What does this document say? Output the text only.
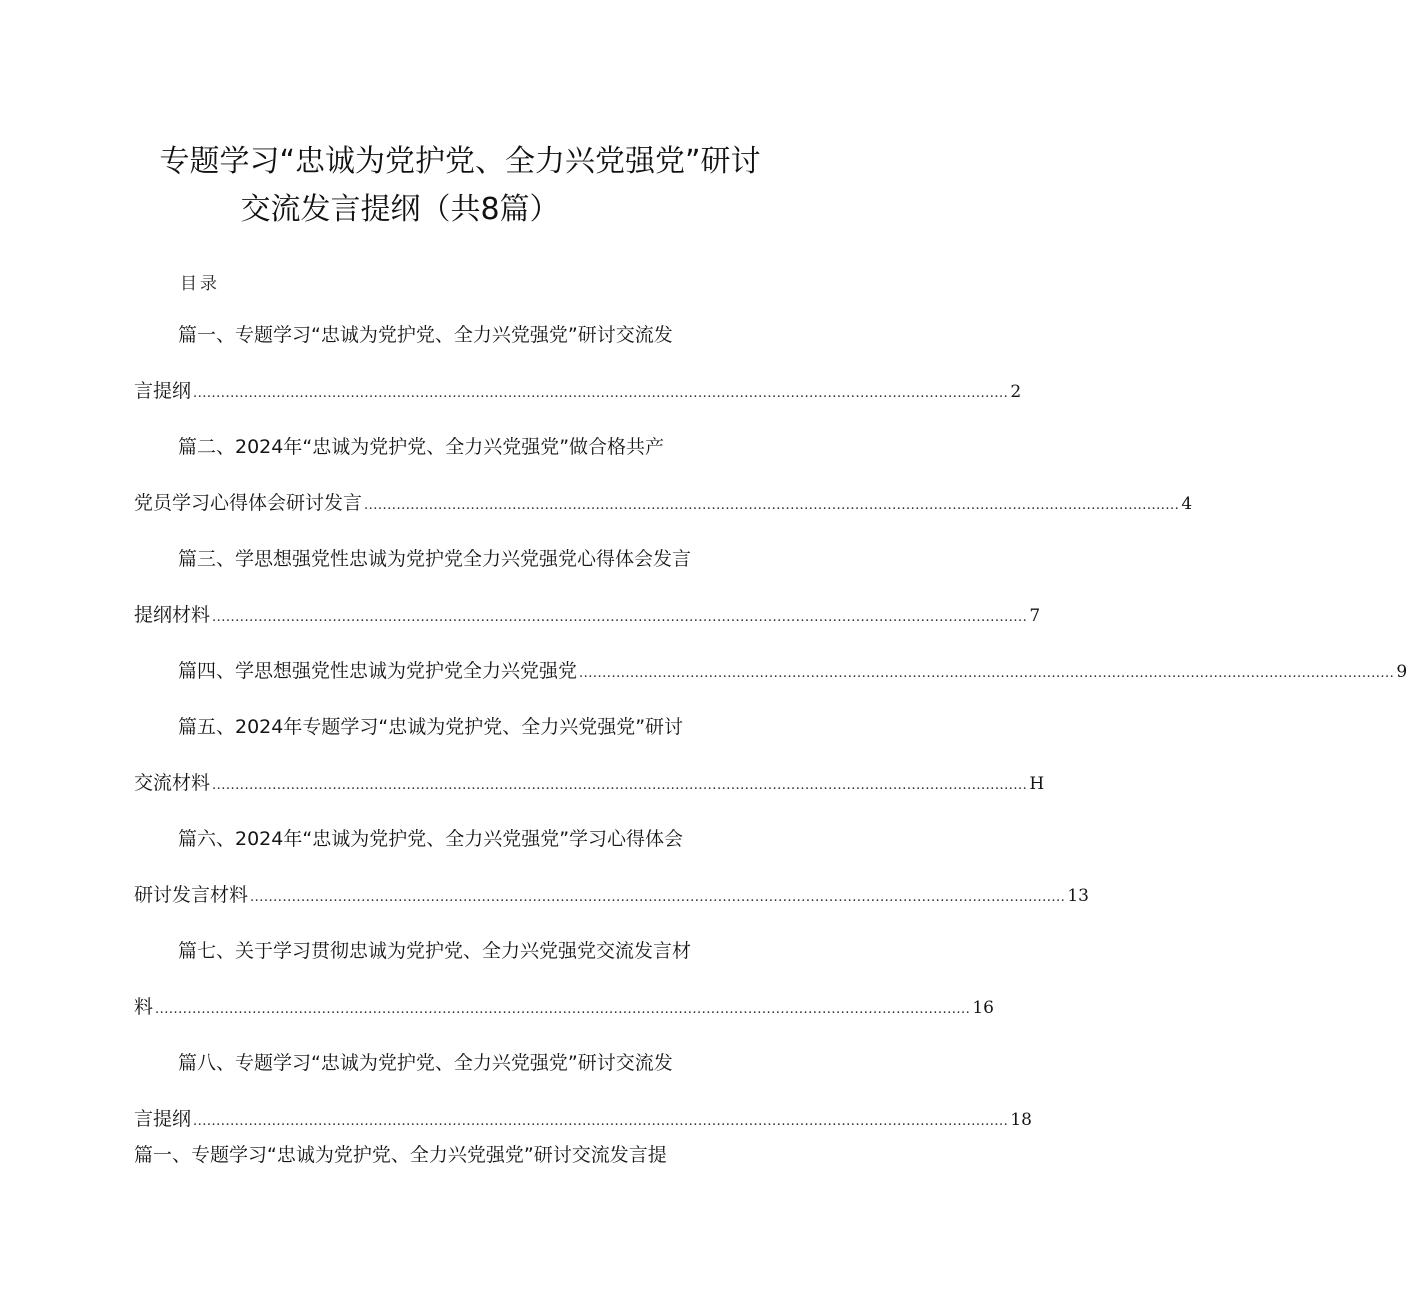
专题学习“忠诚为党护党、全力兴党强党”研讨
交流发言提纲（共8篇）
目录
篇一、专题学习“忠诚为党护党、全力兴党强党”研讨交流发
言提纲 ................................................................................................................................................................................ 2
篇二、2024年“忠诚为党护党、全力兴党强党”做合格共产
党员学习心得体会研讨发言 ................................................................................................................................................................................ 4
篇三、学思想强党性忠诚为党护党全力兴党强党心得体会发言
提纲材料 ................................................................................................................................................................................ 7
篇四、学思想强党性忠诚为党护党全力兴党强党 ................................................................................................................................................................................ 9
篇五、2024年专题学习“忠诚为党护党、全力兴党强党”研讨
交流材料 ................................................................................................................................................................................ H
篇六、2024年“忠诚为党护党、全力兴党强党”学习心得体会
研讨发言材料 ................................................................................................................................................................................ 13
篇七、关于学习贯彻忠诚为党护党、全力兴党强党交流发言材
料 ................................................................................................................................................................................ 16
篇八、专题学习“忠诚为党护党、全力兴党强党”研讨交流发
言提纲 ................................................................................................................................................................................ 18
篇一、专题学习“忠诚为党护党、全力兴党强党”研讨交流发言提
